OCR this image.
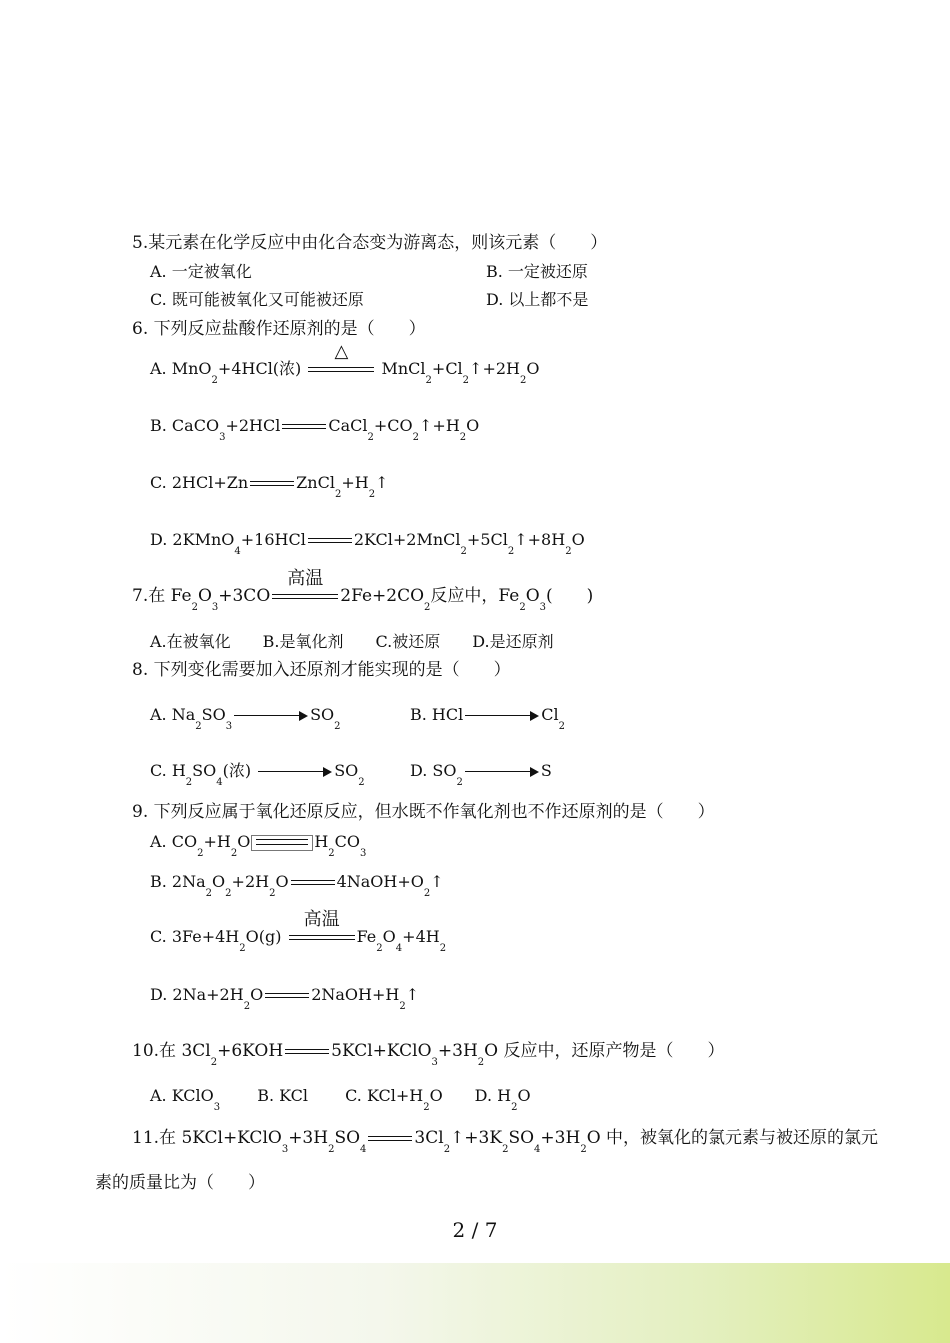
5.某元素在化学反应中由化合态变为游离态，则该元素（　　）
A. 一定被氧化	B. 一定被还原
C. 既可能被氧化又可能被还原	D. 以上都不是
6. 下列反应盐酸作还原剂的是（　　）
A. MnO$_2$+4HCl(浓)
△
$MnCl_2+Cl_2↑+2H_2O$
B. CaCO$_3$+2HCl	$CaCl_2+CO_2↑+H_2O$
C. 2HCl+Zn	$ZnCl_2+H_2↑$
D. 2KMnO$_4$+16HCl	$2KCl+2MnCl_2+5Cl_2↑+8H_2O$
7.在 $Fe_2O_3+3CO$
高温
$2Fe+2CO_2$反应中，$Fe_2O_3$(　　)
A.在被氧化　　B.是氧化剂　　C.被还原　　D.是还原剂
8. 下列变化需要加入还原剂才能实现的是（　　）
A. $Na_2SO_3SO_2$
B. HCl	$Cl_2$
C. $H_2SO_4$(浓)	$SO_2$
D. $SO_2S$
9. 下列反应属于氧化还原反应，但水既不作氧化剂也不作还原剂的是（　　）
A. $CO_2+H_2O$	$H_2CO_3$
B. $2Na_2O_2+2H_2O$	$4NaOH+O_2↑$
C. $3Fe+4H_2O(g)$
高温
$Fe_2O_4+4H_2$
D. $2Na+2H_2O$	$2NaOH+H_2↑$
10.在 $3Cl_2+6KOH$	$5KCl+KClO_3+3H_2O$ 反应中，还原产物是（　　）
A. KClO$_3$　　 B. KCl　　 C. $KCl+H_2O$　　D. $H_2O$
11.在 $5KCl+KClO_3+3H_2SO_43Cl_2↑+3K_2SO_4+3H_2O$ 中，被氧化的氯元素与被还原的氯元
素的质量比为（　　）
2 / 7
